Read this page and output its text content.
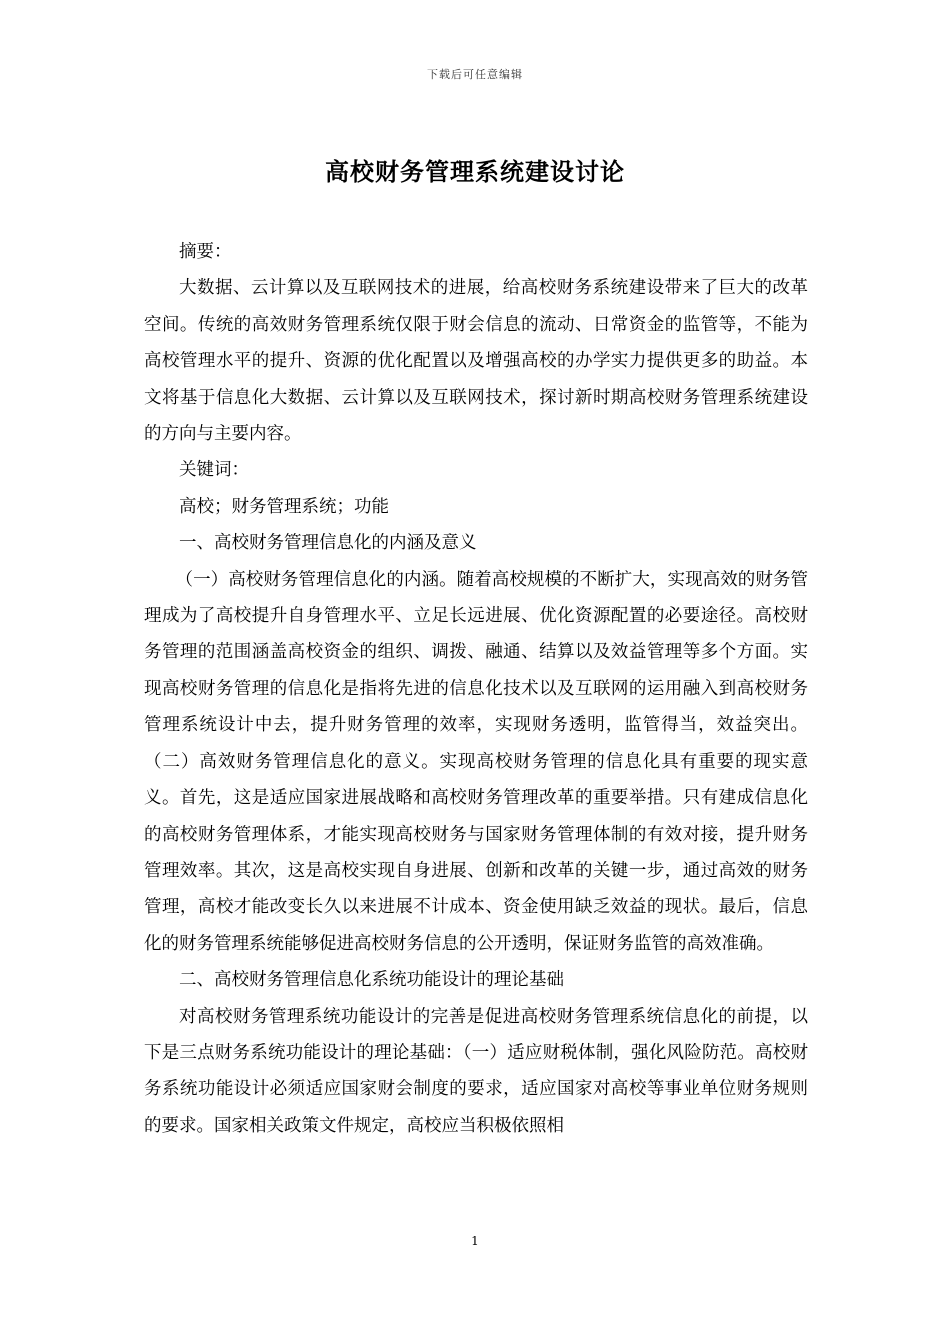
下载后可任意编辑
高校财务管理系统建设讨论

摘要：

大数据、云计算以及互联网技术的进展，给高校财务系统建设带来了巨大的改革空间。传统的高效财务管理系统仅限于财会信息的流动、日常资金的监管等，不能为高校管理水平的提升、资源的优化配置以及增强高校的办学实力提供更多的助益。本文将基于信息化大数据、云计算以及互联网技术，探讨新时期高校财务管理系统建设的方向与主要内容。

关键词：

高校；财务管理系统；功能

一、高校财务管理信息化的内涵及意义

（一）高校财务管理信息化的内涵。随着高校规模的不断扩大，实现高效的财务管理成为了高校提升自身管理水平、立足长远进展、优化资源配置的必要途径。高校财务管理的范围涵盖高校资金的组织、调拨、融通、结算以及效益管理等多个方面。实现高校财务管理的信息化是指将先进的信息化技术以及互联网的运用融入到高校财务管理系统设计中去，提升财务管理的效率，实现财务透明，监管得当，效益突出。（二）高效财务管理信息化的意义。实现高校财务管理的信息化具有重要的现实意义。首先，这是适应国家进展战略和高校财务管理改革的重要举措。只有建成信息化的高校财务管理体系，才能实现高校财务与国家财务管理体制的有效对接，提升财务管理效率。其次，这是高校实现自身进展、创新和改革的关键一步，通过高效的财务管理，高校才能改变长久以来进展不计成本、资金使用缺乏效益的现状。最后，信息化的财务管理系统能够促进高校财务信息的公开透明，保证财务监管的高效准确。

二、高校财务管理信息化系统功能设计的理论基础

对高校财务管理系统功能设计的完善是促进高校财务管理系统信息化的前提，以下是三点财务系统功能设计的理论基础：（一）适应财税体制，强化风险防范。高校财务系统功能设计必须适应国家财会制度的要求，适应国家对高校等事业单位财务规则的要求。国家相关政策文件规定，高校应当积极依照相

1
